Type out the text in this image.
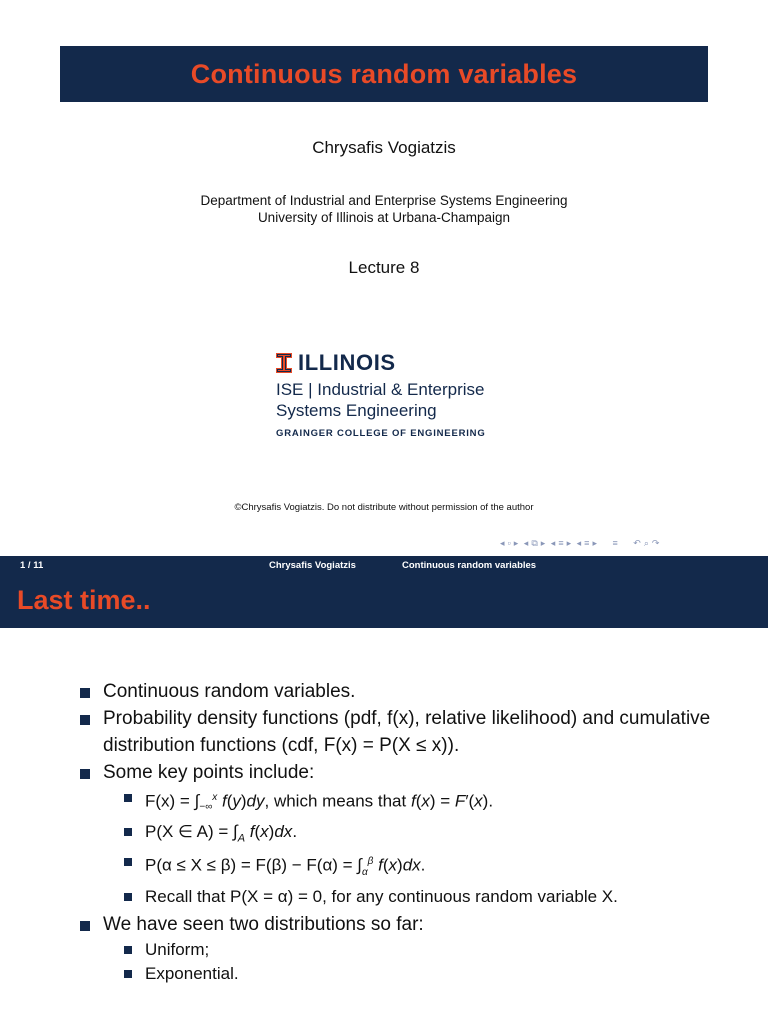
Continuous random variables
Chrysafis Vogiatzis
Department of Industrial and Enterprise Systems Engineering
University of Illinois at Urbana-Champaign
Lecture 8
ILLINOIS
ISE | Industrial & Enterprise
Systems Engineering
GRAINGER COLLEGE OF ENGINEERING
©Chrysafis Vogiatzis. Do not distribute without permission of the author
◂ ▫ ▸ ◂ ⧉ ▸ ◂ ≡ ▸ ◂ ≡ ▸ ≡ ↶ ⌕ ↷
1 / 11	Chrysafis Vogiatzis	Continuous random variables
Last time..
Continuous random variables.
Probability density functions (pdf, f(x), relative likelihood) and cumulative distribution functions (cdf, F(x) = P(X ≤ x)).
Some key points include:
F(x) = ∫−∞$^x$ f(y)dy, which means that f(x) = F′(x).
P(X ∈ $A) = \int_A$ f(x)dx.
$P(\alpha \le X \le \beta) = F(\beta) - F(\alpha) = \int_\alpha^\beta$ f(x)dx.
Recall that P(X = α) = 0, for any continuous random variable X.
We have seen two distributions so far:
Uniform;
Exponential.
